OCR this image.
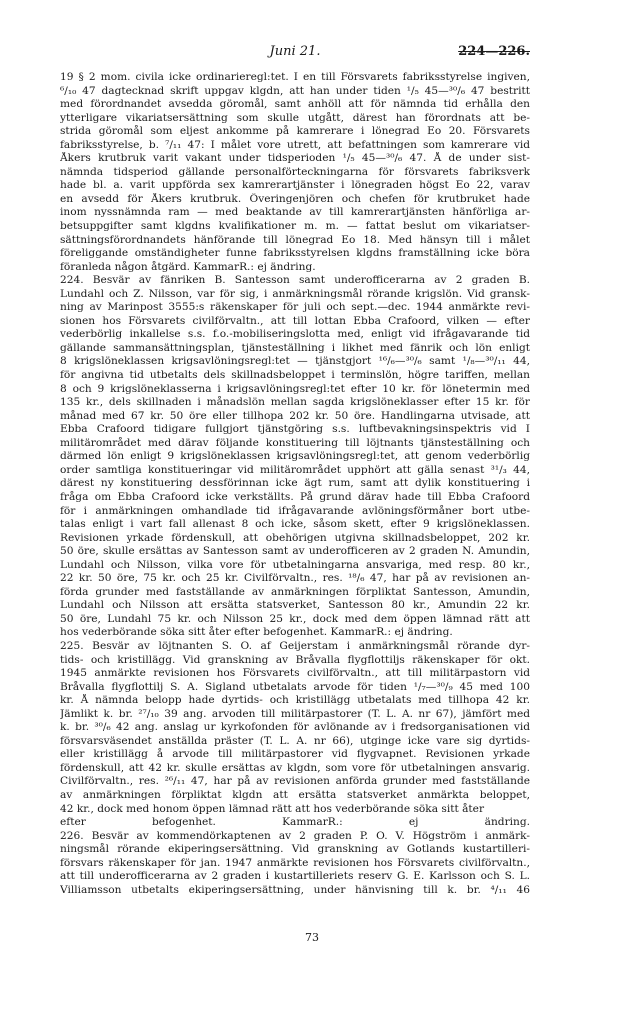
Juni 21.	224—226.
19 § 2 mom. civila icke ordinarieregl:tet. I en till Försvarets fabriksstyrelse ingiven,
⁶/₁₀ 47 dagtecknad skrift uppgav klgdn, att han under tiden ¹/₅ 45—³⁰/₆ 47 bestritt
med förordnandet avsedda göromål, samt anhöll att för nämnda tid erhålla den
ytterligare vikariatsersättning som skulle utgått, därest han förordnats att be-
strida göromål som eljest ankomme på kamrerare i lönegrad Eo 20. Försvarets
fabriksstyrelse, b. ⁷/₁₁ 47: I målet vore utrett, att befattningen som kamrerare vid
Åkers krutbruk varit vakant under tidsperioden ¹/₅ 45—³⁰/₆ 47. Å de under sist-
nämnda tidsperiod gällande personalförteckningarna för försvarets fabriksverk
hade bl. a. varit uppförda sex kamrerartjänster i lönegraden högst Eo 22, varav
en avsedd för Åkers krutbruk. Överingenjören och chefen för krutbruket hade
inom nyssnämnda ram — med beaktande av till kamrerartjänsten hänförliga ar-
betsuppgifter samt klgdns kvalifikationer m. m. — fattat beslut om vikariatser-
sättningsförordnandets hänförande till lönegrad Eo 18. Med hänsyn till i målet
föreliggande omständigheter funne fabriksstyrelsen klgdns framställning icke böra
föranleda någon åtgärd. KammarR.: ej ändring.
224. Besvär av fänriken B. Santesson samt underofficerarna av 2 graden B.
Lundahl och Z. Nilsson, var för sig, i anmärkningsmål rörande krigslön. Vid gransk-
ning av Marinpost 3555:s räkenskaper för juli och sept.—dec. 1944 anmärkte revi-
sionen hos Försvarets civilförvaltn., att till lottan Ebba Crafoord, vilken — efter
vederbörlig inkallelse s.s. f.o.-mobiliseringslotta med, enligt vid ifrågavarande tid
gällande sammansättningsplan, tjänsteställning i likhet med fänrik och lön enligt
8 krigslöneklassen krigsavlöningsregl:tet — tjänstgjort ¹⁶/₆—³⁰/₆ samt ¹/₈—³⁰/₁₁ 44,
för angivna tid utbetalts dels skillnadsbeloppet i terminslön, högre tariffen, mellan
8 och 9 krigslöneklasserna i krigsavlöningsregl:tet efter 10 kr. för lönetermin med
135 kr., dels skillnaden i månadslön mellan sagda krigslöneklasser efter 15 kr. för
månad med 67 kr. 50 öre eller tillhopa 202 kr. 50 öre. Handlingarna utvisade, att
Ebba Crafoord tidigare fullgjort tjänstgöring s.s. luftbevakningsinspektris vid I
militärområdet med därav följande konstituering till löjtnants tjänsteställning och
därmed lön enligt 9 krigslöneklassen krigsavlöningsregl:tet, att genom vederbörlig
order samtliga konstitueringar vid militärområdet upphört att gälla senast ³¹/₃ 44,
därest ny konstituering dessförinnan icke ägt rum, samt att dylik konstituering i
fråga om Ebba Crafoord icke verkställts. På grund därav hade till Ebba Crafoord
för i anmärkningen omhandlade tid ifrågavarande avlöningsförmåner bort utbe-
talas enligt i vart fall allenast 8 och icke, såsom skett, efter 9 krigslöneklassen.
Revisionen yrkade fördenskull, att obehörigen utgivna skillnadsbeloppet, 202 kr.
50 öre, skulle ersättas av Santesson samt av underofficeren av 2 graden N. Amundin,
Lundahl och Nilsson, vilka vore för utbetalningarna ansvariga, med resp. 80 kr.,
22 kr. 50 öre, 75 kr. och 25 kr. Civilförvaltn., res. ¹⁸/₆ 47, har på av revisionen an-
förda grunder med fastställande av anmärkningen förpliktat Santesson, Amundin,
Lundahl och Nilsson att ersätta statsverket, Santesson 80 kr., Amundin 22 kr.
50 öre, Lundahl 75 kr. och Nilsson 25 kr., dock med dem öppen lämnad rätt att
hos vederbörande söka sitt åter efter befogenhet. KammarR.: ej ändring.
225. Besvär av löjtnanten S. O. af Geijerstam i anmärkningsmål rörande dyr-
tids- och kristillägg. Vid granskning av Bråvalla flygflottiljs räkenskaper för okt.
1945 anmärkte revisionen hos Försvarets civilförvaltn., att till militärpastorn vid
Bråvalla flygflottilj S. A. Sigland utbetalats arvode för tiden ¹/₇—³⁰/₉ 45 med 100
kr. Å nämnda belopp hade dyrtids- och kristillägg utbetalats med tillhopa 42 kr.
Jämlikt k. br. ²⁷/₁₀ 39 ang. arvoden till militärpastorer (T. L. A. nr 67), jämfört med
k. br. ³⁰/₆ 42 ang. anslag ur kyrkofonden för avlönande av i fredsorganisationen vid
försvarsväsendet anställda präster (T. L. A. nr 66), utginge icke vare sig dyrtids-
eller kristillägg å arvode till militärpastorer vid flygvapnet. Revisionen yrkade
fördenskull, att 42 kr. skulle ersättas av klgdn, som vore för utbetalningen ansvarig.
Civilförvaltn., res. ²⁶/₁₁ 47, har på av revisionen anförda grunder med fastställande
av anmärkningen förpliktat klgdn att ersätta statsverket anmärkta beloppet,
42 kr., dock med honom öppen lämnad rätt att hos vederbörande söka sitt åter
efter befogenhet. KammarR.: ej ändring.
226. Besvär av kommendörkaptenen av 2 graden P. O. V. Högström i anmärk-
ningsmål rörande ekiperingsersättning. Vid granskning av Gotlands kustartilleri-
försvars räkenskaper för jan. 1947 anmärkte revisionen hos Försvarets civilförvaltn.,
att till underofficerarna av 2 graden i kustartilleriets reserv G. E. Karlsson och S. L.
Villiamsson utbetalts ekiperingsersättning, under hänvisning till k. br. ⁴/₁₁ 46
73
